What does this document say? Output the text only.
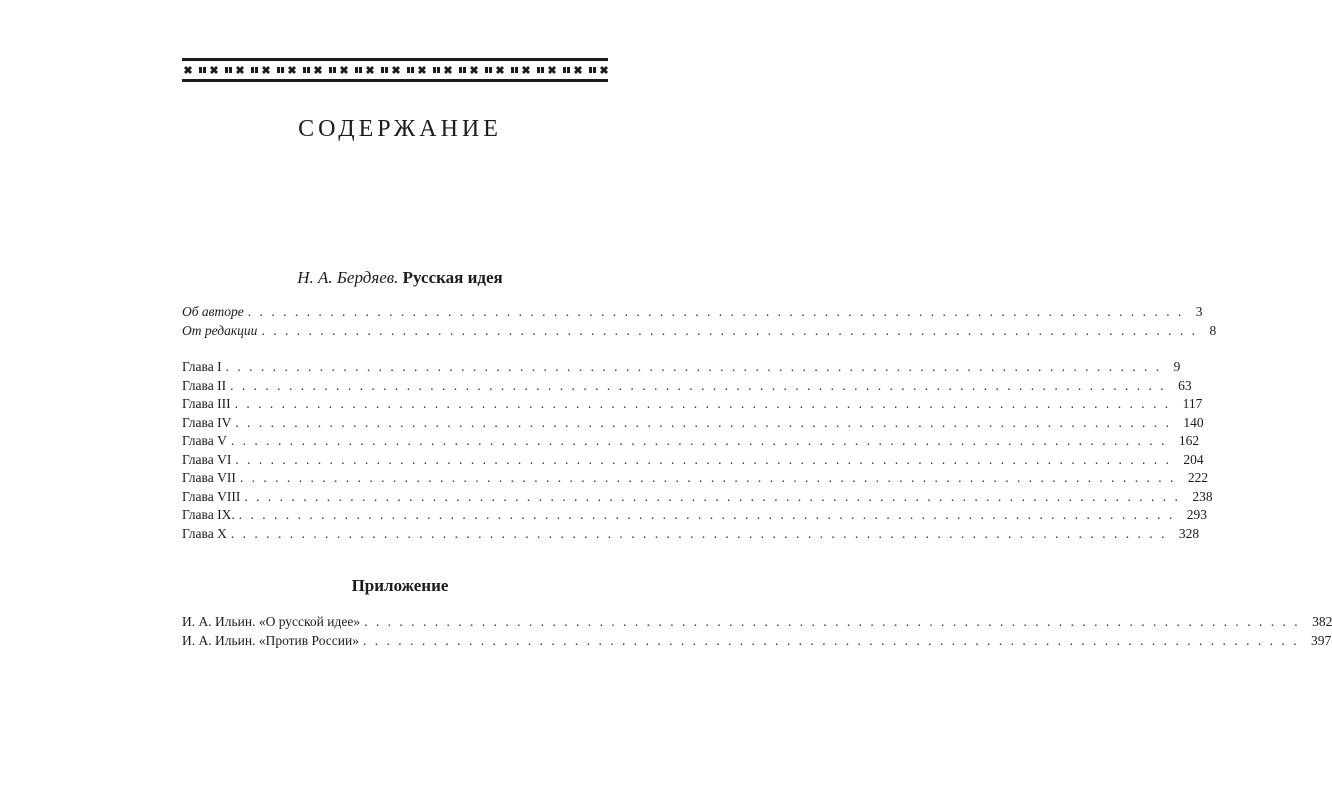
СОДЕРЖАНИЕ
Н. А. Бердяев. Русская идея
Об авторе ................................................................................ 3
От редакции ................................................................................ 8
Глава I ................................................................................ 9
Глава II ................................................................................ 63
Глава III ................................................................................ 117
Глава IV ................................................................................ 140
Глава V ................................................................................ 162
Глава VI ................................................................................ 204
Глава VII ................................................................................ 222
Глава VIII ................................................................................ 238
Глава IX. ................................................................................ 293
Глава X ................................................................................ 328
Приложение
И. А. Ильин. «О русской идее» ................................................................................ 382
И. А. Ильин. «Против России» ................................................................................ 397
